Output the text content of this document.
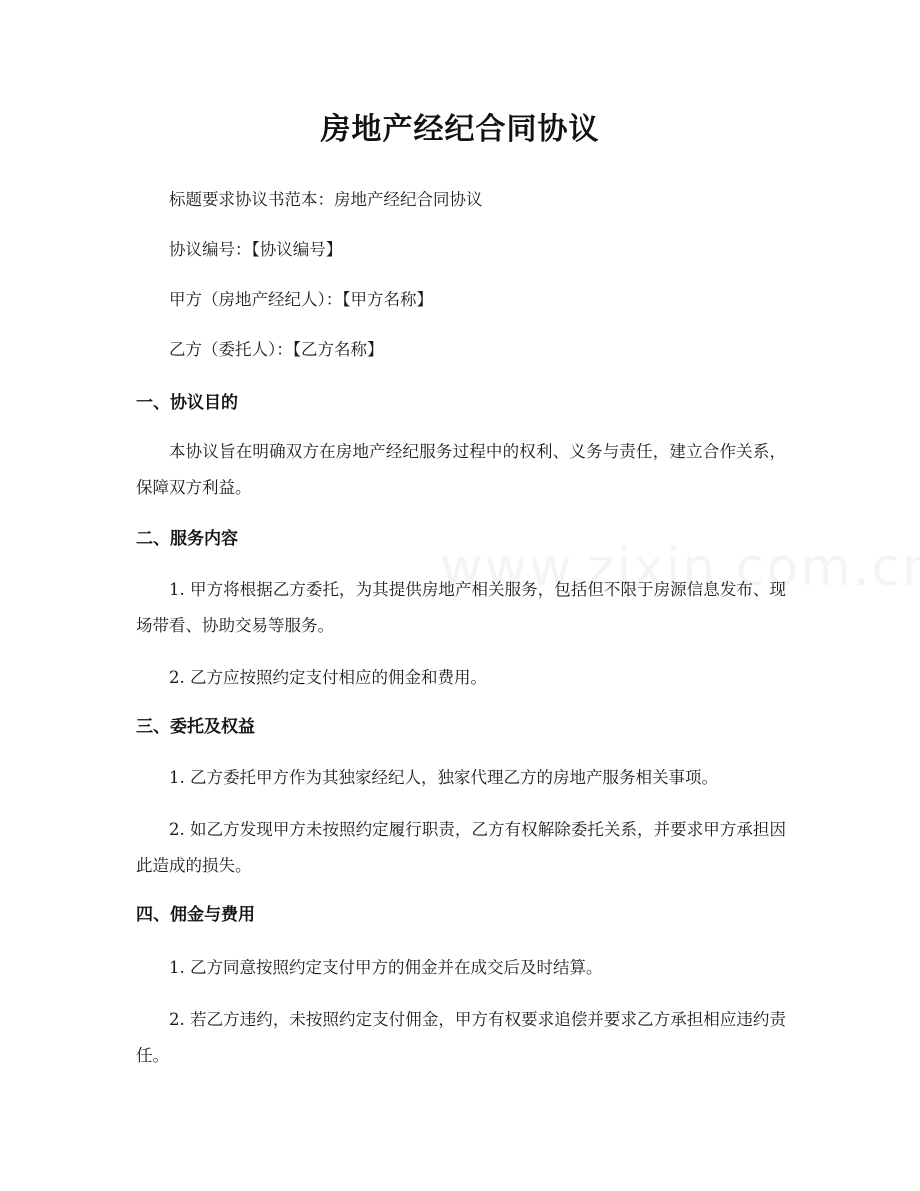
房地产经纪合同协议
标题要求协议书范本：房地产经纪合同协议
协议编号：【协议编号】
甲方（房地产经纪人）：【甲方名称】
乙方（委托人）：【乙方名称】
一、协议目的
本协议旨在明确双方在房地产经纪服务过程中的权利、义务与责任，建立合作关系，保障双方利益。
二、服务内容
1. 甲方将根据乙方委托，为其提供房地产相关服务，包括但不限于房源信息发布、现场带看、协助交易等服务。
2. 乙方应按照约定支付相应的佣金和费用。
三、委托及权益
1. 乙方委托甲方作为其独家经纪人，独家代理乙方的房地产服务相关事项。
2. 如乙方发现甲方未按照约定履行职责，乙方有权解除委托关系，并要求甲方承担因此造成的损失。
四、佣金与费用
1. 乙方同意按照约定支付甲方的佣金并在成交后及时结算。
2. 若乙方违约，未按照约定支付佣金，甲方有权要求追偿并要求乙方承担相应违约责任。
